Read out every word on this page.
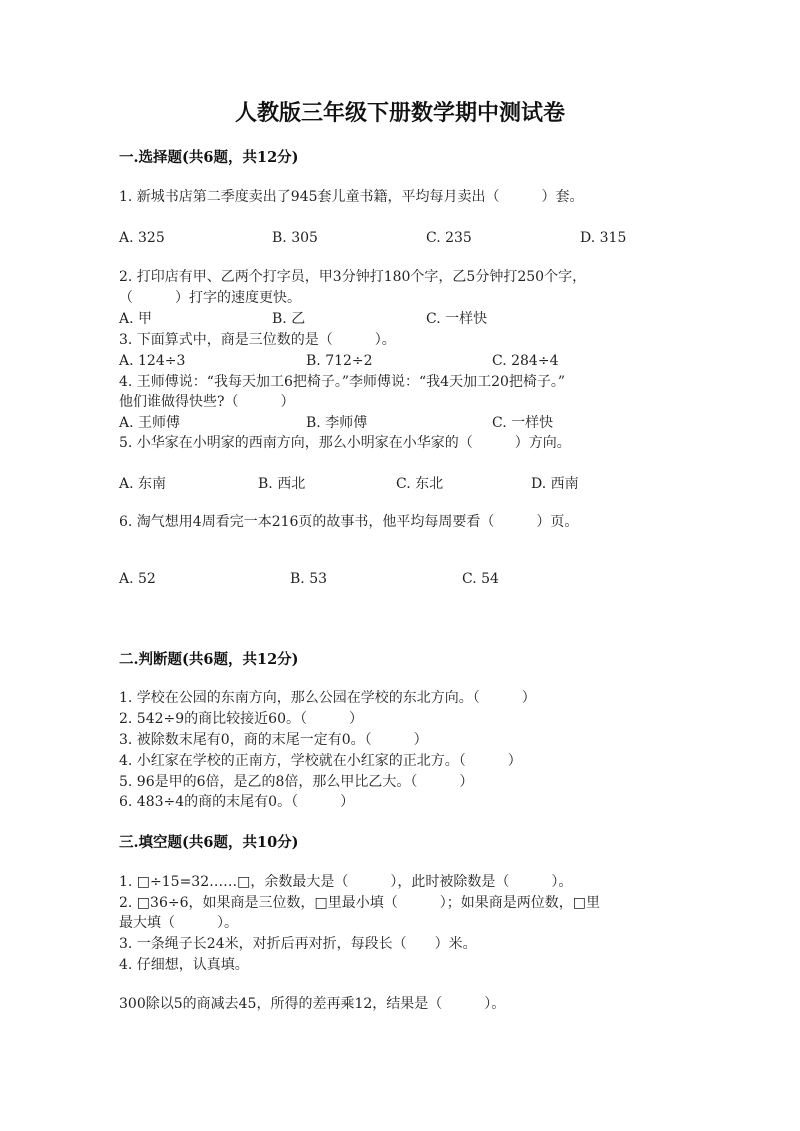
人教版三年级下册数学期中测试卷
一.选择题(共6题，共12分)
1. 新城书店第二季度卖出了945套儿童书籍，平均每月卖出（　　　）套。
A. 325	B. 305	C. 235	D. 315
2. 打印店有甲、乙两个打字员，甲3分钟打180个字，乙5分钟打250个字，
（　　　）打字的速度更快。
A. 甲	B. 乙	C. 一样快
3. 下面算式中，商是三位数的是（　　　）。
A. 124÷3	B. 712÷2	C. 284÷4
4. 王师傅说：“我每天加工6把椅子。”李师傅说：“我4天加工20把椅子。”
他们谁做得快些?（　　　）
A. 王师傅	B. 李师傅	C. 一样快
5. 小华家在小明家的西南方向，那么小明家在小华家的（　　　）方向。
A. 东南	B. 西北	C. 东北	D. 西南
6. 淘气想用4周看完一本216页的故事书，他平均每周要看（　　　）页。
A. 52	B. 53	C. 54
二.判断题(共6题，共12分)
1. 学校在公园的东南方向，那么公园在学校的东北方向。（　　　）
2. 542÷9的商比较接近60。（　　　）
3. 被除数末尾有0，商的末尾一定有0。（　　　）
4. 小红家在学校的正南方，学校就在小红家的正北方。（　　　）
5. 96是甲的6倍，是乙的8倍，那么甲比乙大。（　　　）
6. 483÷4的商的末尾有0。（　　　）
三.填空题(共6题，共10分)
1. □÷15=32……□，余数最大是（　　　），此时被除数是（　　　）。
2. □36÷6，如果商是三位数，□里最小填（　　　）；如果商是两位数，□里
最大填（　　　）。
3. 一条绳子长24米，对折后再对折，每段长（　　）米。
4. 仔细想，认真填。
300除以5的商减去45，所得的差再乘12，结果是（　　　）。
